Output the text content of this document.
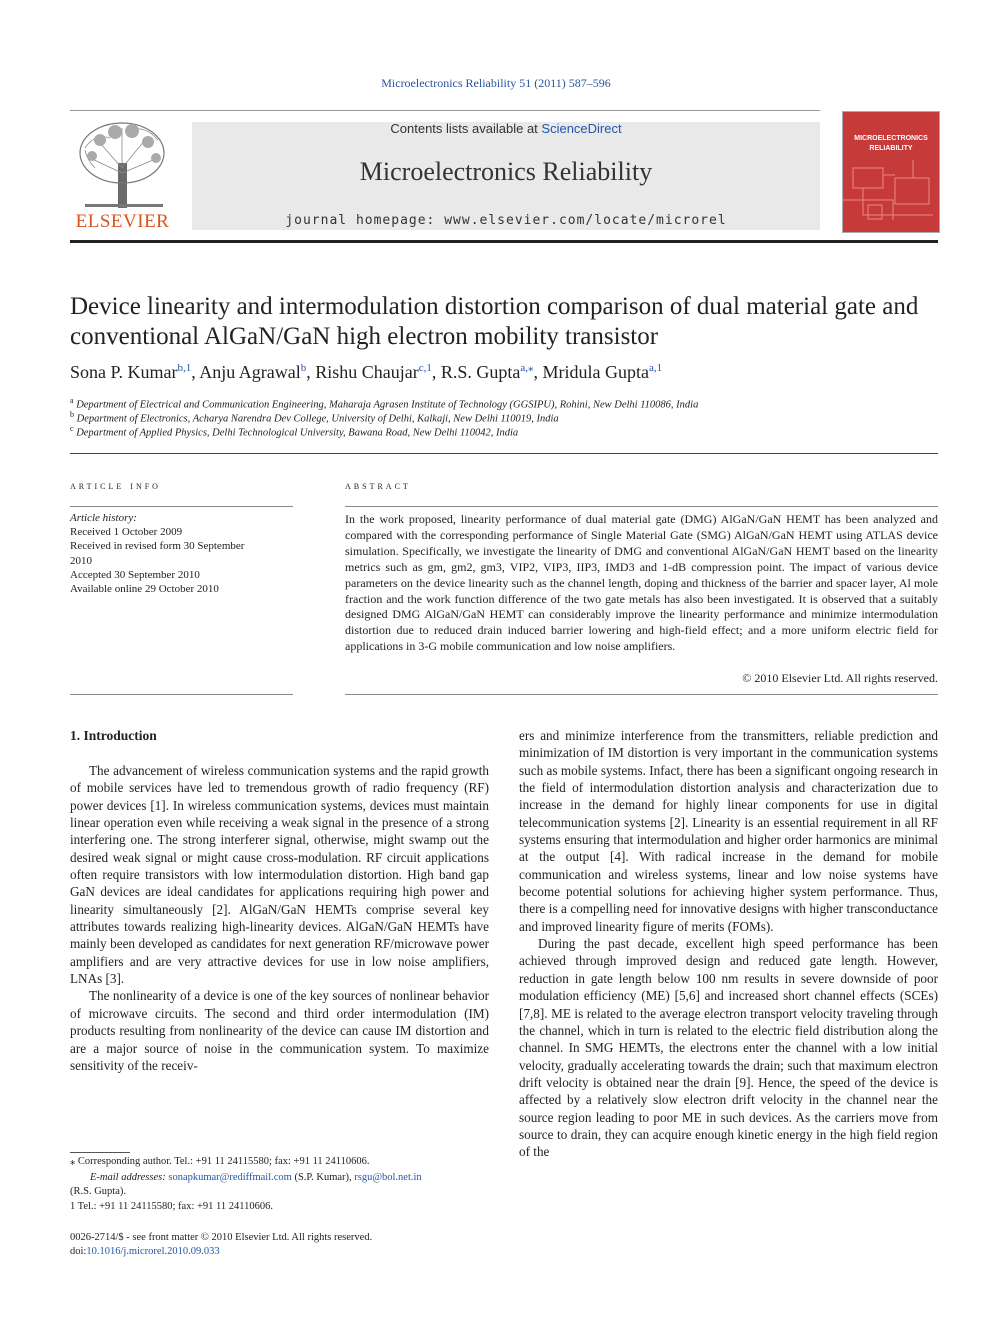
Microelectronics Reliability 51 (2011) 587–596
ELSEVIER
Contents lists available at ScienceDirect
Microelectronics Reliability
journal homepage: www.elsevier.com/locate/microrel
MICROELECTRONICS
RELIABILITY
Device linearity and intermodulation distortion comparison of dual material gate and conventional AlGaN/GaN high electron mobility transistor
Sona P. Kumar$^{b,1}$, Anju Agrawal$^b$, Rishu Chaujar$^{c,1}$, R.S. Gupta$^{a,⁎}$, Mridula Gupta$^{a,1}$
$^a$ Department of Electrical and Communication Engineering, Maharaja Agrasen Institute of Technology (GGSIPU), Rohini, New Delhi 110086, India
$^b$ Department of Electronics, Acharya Narendra Dev College, University of Delhi, Kalkaji, New Delhi 110019, India
$^c$ Department of Applied Physics, Delhi Technological University, Bawana Road, New Delhi 110042, India
article info
Article history:
Received 1 October 2009
Received in revised form 30 September
2010
Accepted 30 September 2010
Available online 29 October 2010
abstract
In the work proposed, linearity performance of dual material gate (DMG) AlGaN/GaN HEMT has been analyzed and compared with the corresponding performance of Single Material Gate (SMG) AlGaN/GaN HEMT using ATLAS device simulation. Specifically, we investigate the linearity of DMG and conventional AlGaN/GaN HEMT based on the linearity metrics such as gm, gm2, gm3, VIP2, VIP3, IIP3, IMD3 and 1-dB compression point. The impact of various device parameters on the device linearity such as the channel length, doping and thickness of the barrier and spacer layer, Al mole fraction and the work function difference of the two gate metals has also been investigated. It is observed that a suitably designed DMG AlGaN/GaN HEMT can considerably improve the linearity performance and minimize intermodulation distortion due to reduced drain induced barrier lowering and high-field effect; and a more uniform electric field for applications in 3-G mobile communication and low noise amplifiers.
© 2010 Elsevier Ltd. All rights reserved.
1. Introduction

The advancement of wireless communication systems and the rapid growth of mobile services have led to tremendous growth of radio frequency (RF) power devices [1]. In wireless communication systems, devices must maintain linear operation even while receiving a weak signal in the presence of a strong interfering one. The strong interferer signal, otherwise, might swamp out the desired weak signal or might cause cross-modulation. RF circuit applications often require transistors with low intermodulation distortion. High band gap GaN devices are ideal candidates for applications requiring high power and linearity simultaneously [2]. AlGaN/GaN HEMTs comprise several key attributes towards realizing high-linearity devices. AlGaN/GaN HEMTs have mainly been developed as candidates for next generation RF/microwave power amplifiers and are very attractive devices for use in low noise amplifiers, LNAs [3].

The nonlinearity of a device is one of the key sources of nonlinear behavior of microwave circuits. The second and third order intermodulation (IM) products resulting from nonlinearity of the device can cause IM distortion and are a major source of noise in the communication system. To maximize sensitivity of the receiv-

ers and minimize interference from the transmitters, reliable prediction and minimization of IM distortion is very important in the communication systems such as mobile systems. Infact, there has been a significant ongoing research in the field of intermodulation distortion analysis and characterization due to increase in the demand for highly linear components for use in digital telecommunication systems [2]. Linearity is an essential requirement in all RF systems ensuring that intermodulation and higher order harmonics are minimal at the output [4]. With radical increase in the demand for mobile communication and wireless systems, linear and low noise systems have become potential solutions for achieving higher system performance. Thus, there is a compelling need for innovative designs with higher transconductance and improved linearity figure of merits (FOMs).

During the past decade, excellent high speed performance has been achieved through improved design and reduced gate length. However, reduction in gate length below 100 nm results in severe downside of poor modulation efficiency (ME) [5,6] and increased short channel effects (SCEs) [7,8]. ME is related to the average electron transport velocity traveling through the channel, which in turn is related to the electric field distribution along the channel. In SMG HEMTs, the electrons enter the channel with a low initial velocity, gradually accelerating towards the drain; such that maximum electron drift velocity is obtained near the drain [9]. Hence, the speed of the device is affected by a relatively slow electron drift velocity in the channel near the source region leading to poor ME in such devices. As the carriers move from source to drain, they can acquire enough kinetic energy in the high field region of the

⁎ Corresponding author. Tel.: +91 11 24115580; fax: +91 11 24110606.
E-mail addresses: sonapkumar@rediffmail.com (S.P. Kumar), rsgu@bol.net.in
(R.S. Gupta).
1 Tel.: +91 11 24115580; fax: +91 11 24110606.
0026-2714/$ - see front matter © 2010 Elsevier Ltd. All rights reserved.
doi:10.1016/j.microrel.2010.09.033
